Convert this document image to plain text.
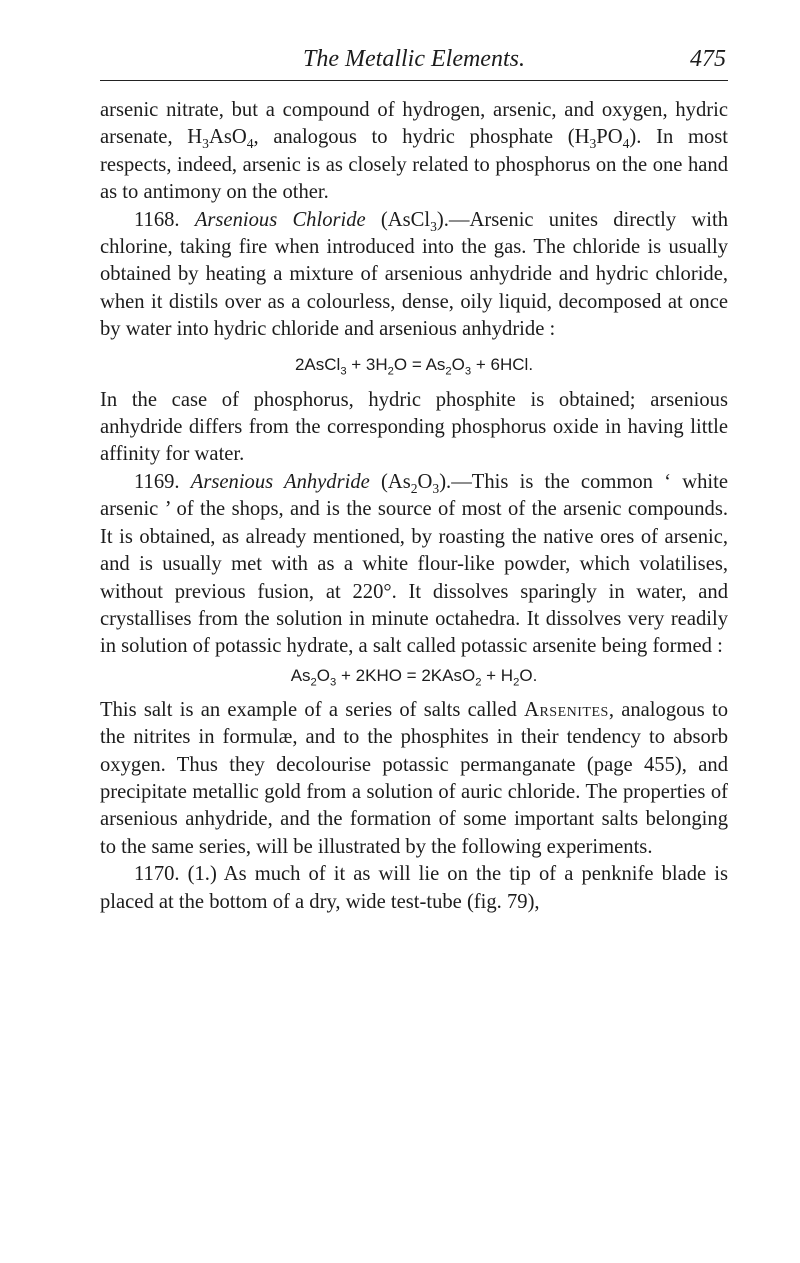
The Metallic Elements.	475

arsenic nitrate, but a compound of hydrogen, arsenic, and oxygen, hydric arsenate, $H_3AsO_4$, analogous to hydric phosphate $(H_3PO_4)$. In most respects, indeed, arsenic is as closely related to phosphorus on the one hand as to antimony on the other.

1168. Arsenious Chloride (AsCl$_3$).—Arsenic unites directly with chlorine, taking fire when introduced into the gas. The chloride is usually obtained by heating a mixture of arsenious anhydride and hydric chloride, when it distils over as a colourless, dense, oily liquid, decomposed at once by water into hydric chloride and arsenious anhydride :

2AsCl$_3$ + $3H_2O = As_2O_3 + 6HCl$.

In the case of phosphorus, hydric phosphite is obtained; arsenious anhydride differs from the corresponding phosphorus oxide in having little affinity for water.

1169. Arsenious Anhydride $(As_2O_3).—This$ is the common ‘ white arsenic ’ of the shops, and is the source of most of the arsenic compounds. It is obtained, as already mentioned, by roasting the native ores of arsenic, and is usually met with as a white flour-like powder, which volatilises, without previous fusion, at 220°. It dissolves sparingly in water, and crystallises from the solution in minute octahedra. It dissolves very readily in solution of potassic hydrate, a salt called potassic arsenite being formed :

$As_2O_3 + 2KHO$ = 2KAsO$_2$ + $H_2O$.

This salt is an example of a series of salts called Arsenites, analogous to the nitrites in formulæ, and to the phosphites in their tendency to absorb oxygen. Thus they decolourise potassic permanganate (page 455), and precipitate metallic gold from a solution of auric chloride. The properties of arsenious anhydride, and the formation of some important salts belonging to the same series, will be illustrated by the following experiments.

1170. (1.) As much of it as will lie on the tip of a penknife blade is placed at the bottom of a dry, wide test-tube (fig. 79),
